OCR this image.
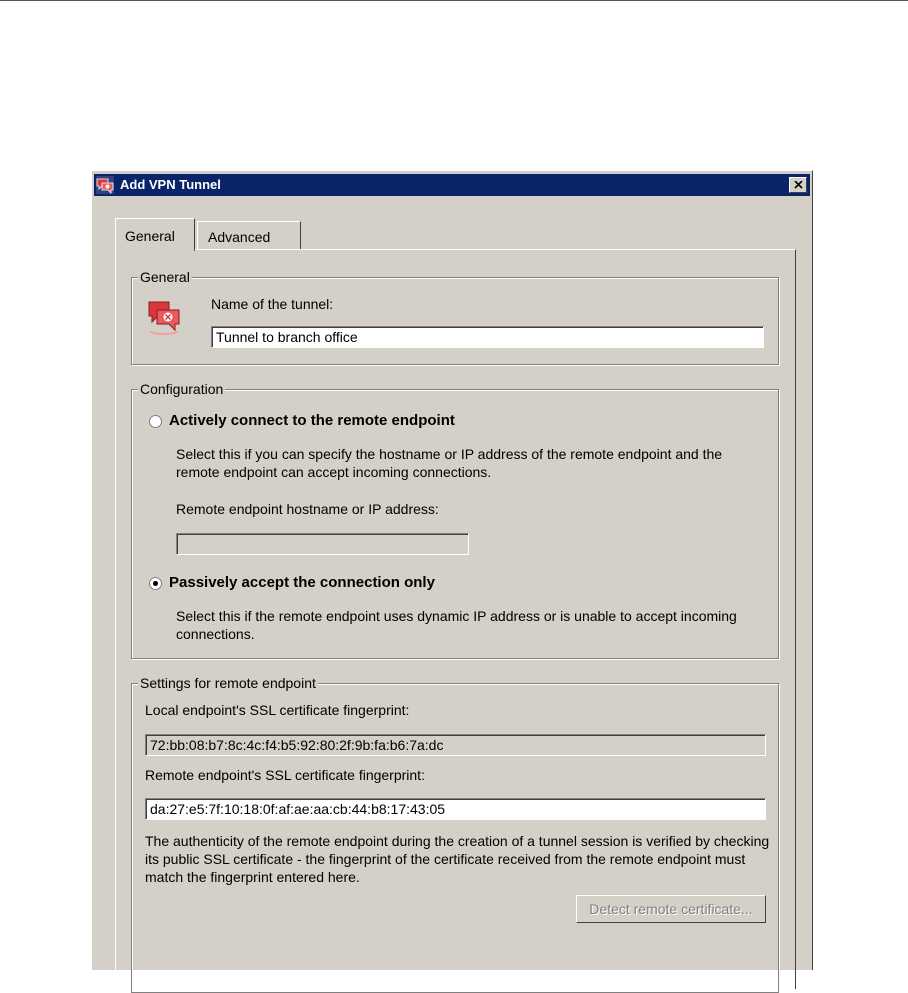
Add VPN Tunnel
General	Advanced
General
Name of the tunnel:
Tunnel to branch office
Configuration
Actively connect to the remote endpoint
Select this if you can specify the hostname or IP address of the remote endpoint and the remote endpoint can accept incoming connections.
Remote endpoint hostname or IP address:
Passively accept the connection only
Select this if the remote endpoint uses dynamic IP address or is unable to accept incoming connections.
Settings for remote endpoint
Local endpoint's SSL certificate fingerprint:
72:bb:08:b7:8c:4c:f4:b5:92:80:2f:9b:fa:b6:7a:dc
Remote endpoint's SSL certificate fingerprint:
da:27:e5:7f:10:18:0f:af:ae:aa:cb:44:b8:17:43:05
The authenticity of the remote endpoint during the creation of a tunnel session is verified by checking its public SSL certificate - the fingerprint of the certificate received from the remote endpoint must match the fingerprint entered here.
Detect remote certificate...
